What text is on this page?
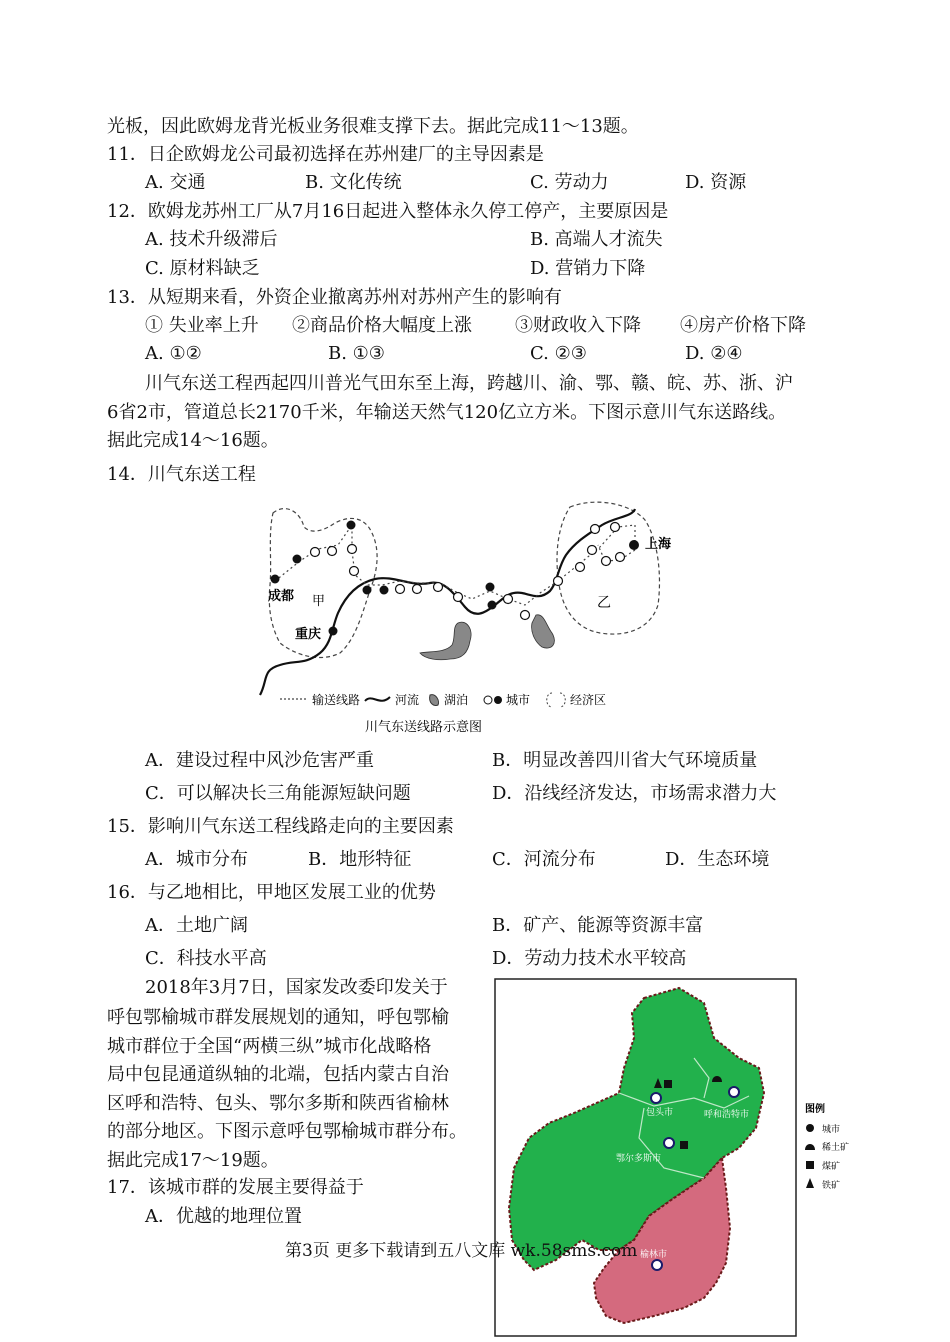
光板，因此欧姆龙背光板业务很难支撑下去。据此完成11～13题。
11．日企欧姆龙公司最初选择在苏州建厂的主导因素是
A. 交通	B. 文化传统	C. 劳动力	D. 资源
12．欧姆龙苏州工厂从7月16日起进入整体永久停工停产，主要原因是
A. 技术升级滞后	B. 高端人才流失
C. 原材料缺乏	D. 营销力下降
13．从短期来看，外资企业撤离苏州对苏州产生的影响有
① 失业率上升 ②商品价格大幅度上涨 ③财政收入下降 ④房产价格下降
A. ①②	B. ①③	C. ②③	D. ②④
川气东送工程西起四川普光气田东至上海，跨越川、渝、鄂、赣、皖、苏、浙、沪
6省2市，管道总长2170千米，年输送天然气120亿立方米。下图示意川气东送路线。
据此完成14～16题。
14．川气东送工程
成都 甲
重庆
上海
乙
输送线路	河流 湖泊	城市	经济区
川气东送线路示意图
A．建设过程中风沙危害严重	B．明显改善四川省大气环境质量
C．可以解决长三角能源短缺问题	D．沿线经济发达，市场需求潜力大
15．影响川气东送工程线路走向的主要因素
A．城市分布	B．地形特征	C．河流分布	D．生态环境
16．与乙地相比，甲地区发展工业的优势
A．土地广阔	B．矿产、能源等资源丰富
C．科技水平高	D．劳动力技术水平较高
2018年3月7日，国家发改委印发关于
呼包鄂榆城市群发展规划的通知，呼包鄂榆
城市群位于全国“两横三纵”城市化战略格
局中包昆通道纵轴的北端，包括内蒙古自治
区呼和浩特、包头、鄂尔多斯和陕西省榆林
的部分地区。下图示意呼包鄂榆城市群分布。
据此完成17～19题。
17．该城市群的发展主要得益于
A．优越的地理位置
包头市	呼和浩特市
鄂尔多斯市
榆林市
图例
城市
稀土矿
煤矿
铁矿
第3页 更多下载请到五八文库 wk.58sms.com
